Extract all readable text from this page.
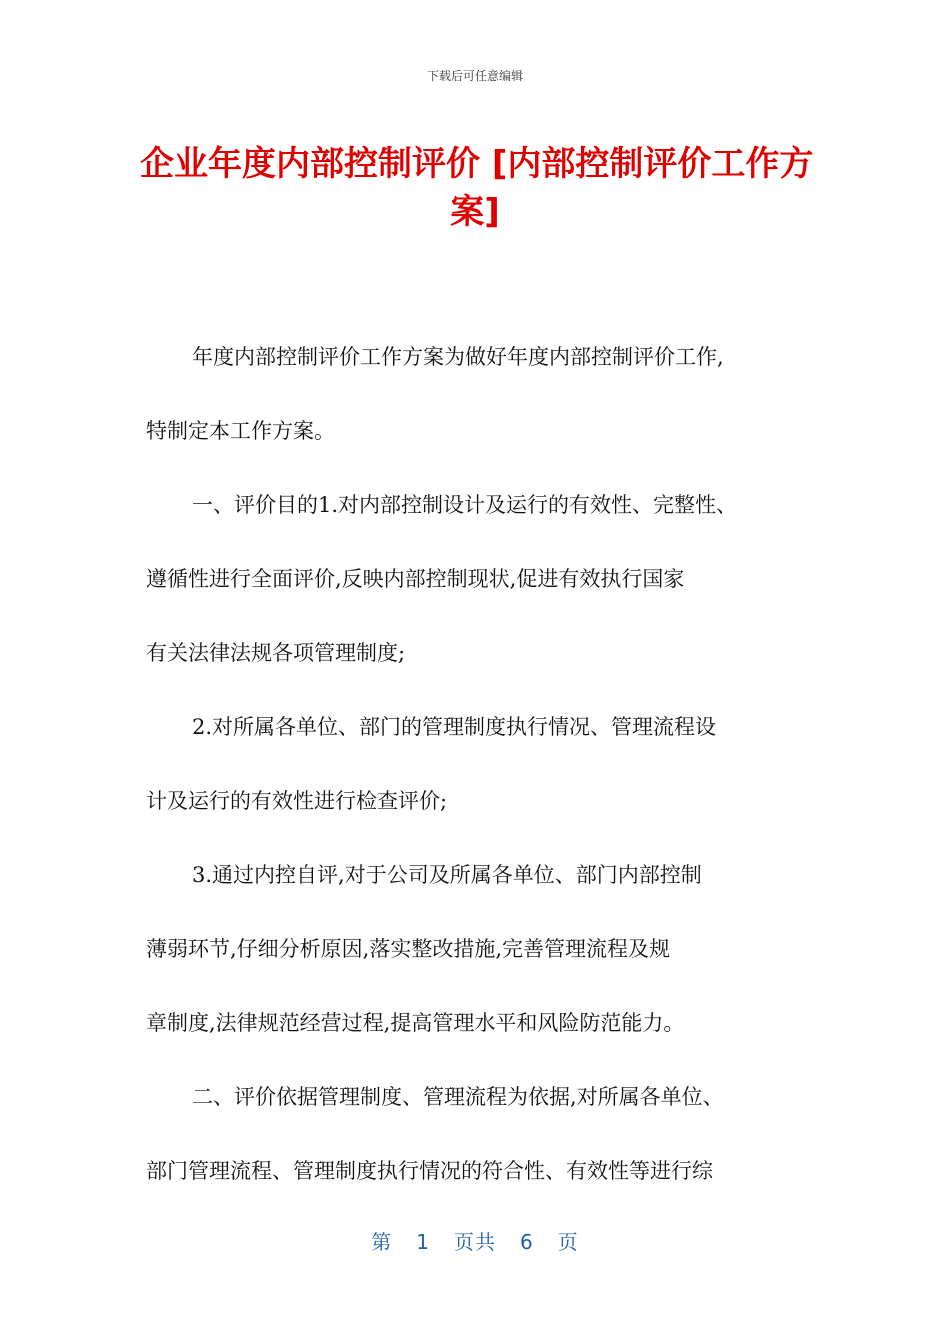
下载后可任意编辑
企业年度内部控制评价 [内部控制评价工作方
案]
年度内部控制评价工作方案为做好年度内部控制评价工作,
特制定本工作方案。
一、评价目的1.对内部控制设计及运行的有效性、完整性、
遵循性进行全面评价,反映内部控制现状,促进有效执行国家
有关法律法规各项管理制度;
2.对所属各单位、部门的管理制度执行情况、管理流程设
计及运行的有效性进行检查评价;
3.通过内控自评,对于公司及所属各单位、部门内部控制
薄弱环节,仔细分析原因,落实整改措施,完善管理流程及规
章制度,法律规范经营过程,提高管理水平和风险防范能力。
二、评价依据管理制度、管理流程为依据,对所属各单位、
部门管理流程、管理制度执行情况的符合性、有效性等进行综
第 1 页共 6 页
